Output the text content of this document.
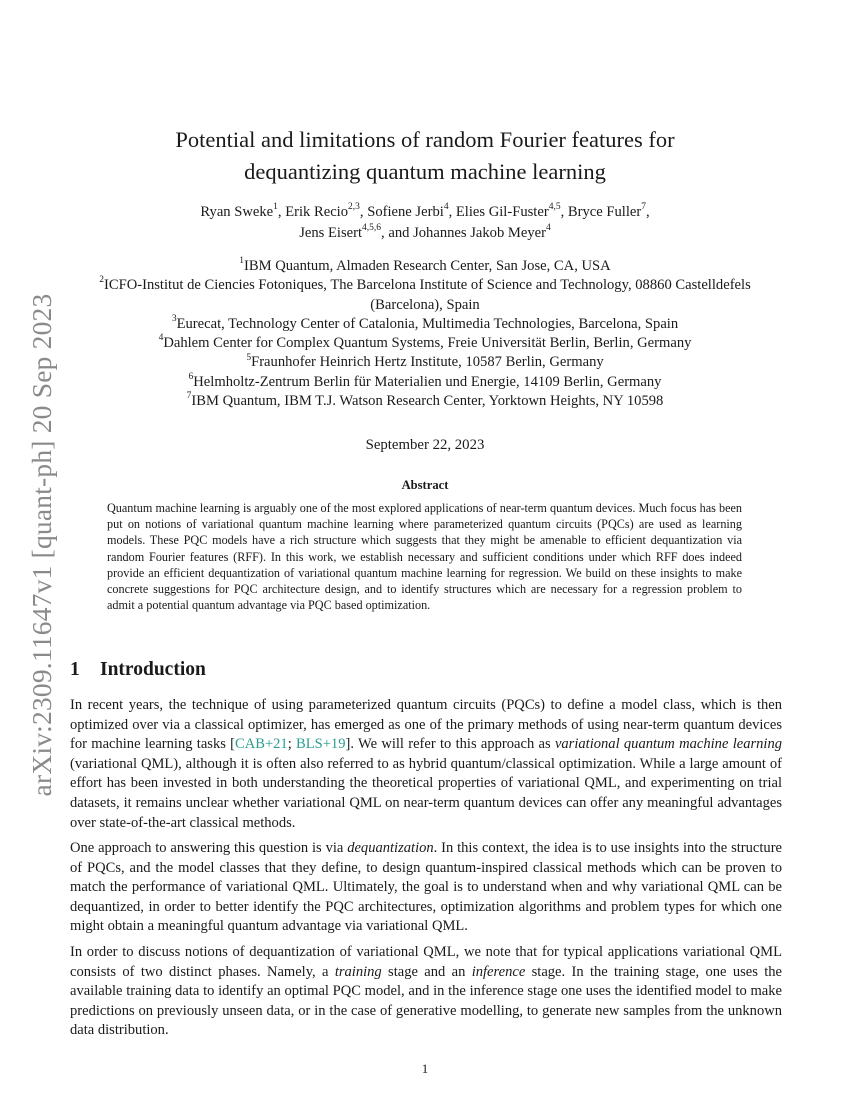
arXiv:2309.11647v1 [quant-ph] 20 Sep 2023
Potential and limitations of random Fourier features for
dequantizing quantum machine learning
Ryan Sweke$^1$, Erik Recio$^{2,3}$, Sofiene Jerbi$^4$, Elies Gil-Fuster$^{4,5}$, Bryce Fuller$^7$,
Jens Eisert$^{4,5,6}$, and Johannes Jakob Meyer$^4$
$^1$IBM Quantum, Almaden Research Center, San Jose, CA, USA
$^2$ICFO-Institut de Ciencies Fotoniques, The Barcelona Institute of Science and Technology, 08860 Castelldefels (Barcelona), Spain
$^3$Eurecat, Technology Center of Catalonia, Multimedia Technologies, Barcelona, Spain
$^4$Dahlem Center for Complex Quantum Systems, Freie Universität Berlin, Berlin, Germany
$^5$Fraunhofer Heinrich Hertz Institute, 10587 Berlin, Germany
$^6$Helmholtz-Zentrum Berlin für Materialien und Energie, 14109 Berlin, Germany
$^7$IBM Quantum, IBM T.J. Watson Research Center, Yorktown Heights, NY 10598
September 22, 2023
Abstract

Quantum machine learning is arguably one of the most explored applications of near-term quantum devices. Much focus has been put on notions of variational quantum machine learning where parameterized quantum circuits (PQCs) are used as learning models. These PQC models have a rich structure which suggests that they might be amenable to efficient dequantization via random Fourier features (RFF). In this work, we establish necessary and sufficient conditions under which RFF does indeed provide an efficient dequantization of variational quantum machine learning for regression. We build on these insights to make concrete suggestions for PQC architecture design, and to identify structures which are necessary for a regression problem to admit a potential quantum advantage via PQC based optimization.

1 Introduction

In recent years, the technique of using parameterized quantum circuits (PQCs) to define a model class, which is then optimized over via a classical optimizer, has emerged as one of the primary methods of using near-term quantum devices for machine learning tasks [CAB+21; BLS+19]. We will refer to this approach as variational quantum machine learning (variational QML), although it is often also referred to as hybrid quantum/classical optimization. While a large amount of effort has been invested in both understanding the theoretical properties of variational QML, and experimenting on trial datasets, it remains unclear whether variational QML on near-term quantum devices can offer any meaningful advantages over state-of-the-art classical methods.

One approach to answering this question is via dequantization. In this context, the idea is to use insights into the structure of PQCs, and the model classes that they define, to design quantum-inspired classical methods which can be proven to match the performance of variational QML. Ultimately, the goal is to understand when and why variational QML can be dequantized, in order to better identify the PQC architectures, optimization algorithms and problem types for which one might obtain a meaningful quantum advantage via variational QML.

In order to discuss notions of dequantization of variational QML, we note that for typical applications variational QML consists of two distinct phases. Namely, a training stage and an inference stage. In the training stage, one uses the available training data to identify an optimal PQC model, and in the inference stage one uses the identified model to make predictions on previously unseen data, or in the case of generative modelling, to generate new samples from the unknown data distribution.

1
